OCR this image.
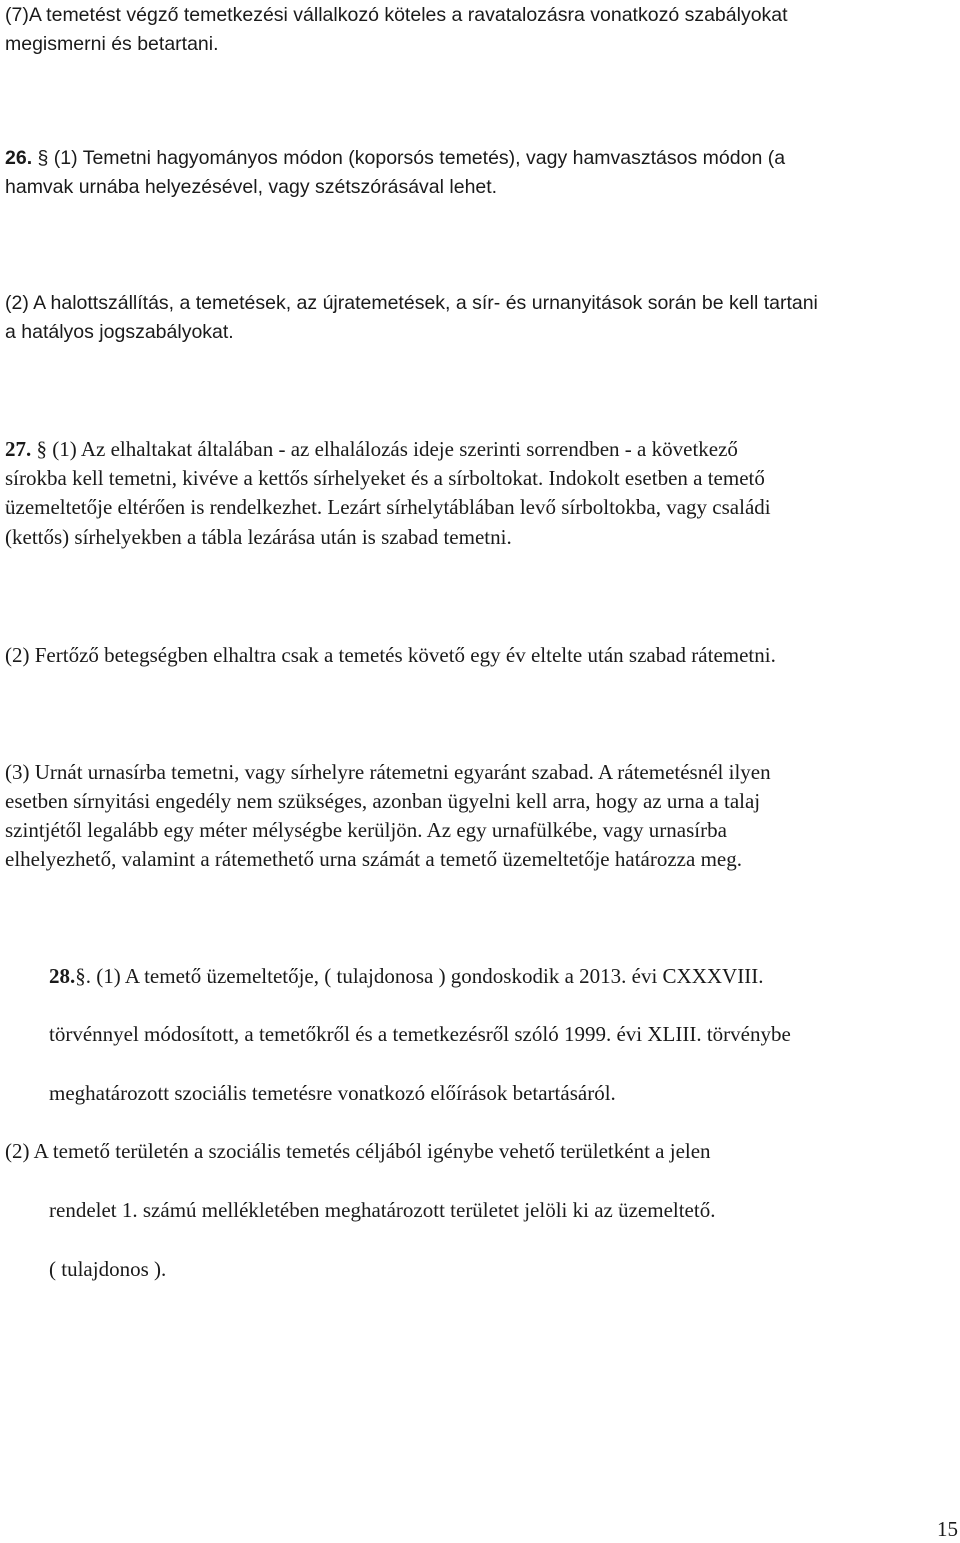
(7)A temetést végző temetkezési vállalkozó köteles a ravatalozásra vonatkozó szabályokat
megismerni és betartani.
26. § (1) Temetni hagyományos módon (koporsós temetés), vagy hamvasztásos módon (a
hamvak urnába helyezésével, vagy szétszórásával lehet.
(2) A halottszállítás, a temetések, az újratemetések, a sír- és urnanyitások során be kell tartani
a hatályos jogszabályokat.
27. § (1) Az elhaltakat általában - az elhalálozás ideje szerinti sorrendben - a következő
sírokba kell temetni, kivéve a kettős sírhelyeket és a sírboltokat. Indokolt esetben a temető
üzemeltetője eltérően is rendelkezhet. Lezárt sírhelytáblában levő sírboltokba, vagy családi
(kettős) sírhelyekben a tábla lezárása után is szabad temetni.
(2) Fertőző betegségben elhaltra csak a temetés követő egy év eltelte után szabad rátemetni.
(3) Urnát urnasírba temetni, vagy sírhelyre rátemetni egyaránt szabad. A rátemetésnél ilyen
esetben sírnyitási engedély nem szükséges, azonban ügyelni kell arra, hogy az urna a talaj
szintjétől legalább egy méter mélységbe kerüljön. Az egy urnafülkébe, vagy urnasírba
elhelyezhető, valamint a rátemethető urna számát a temető üzemeltetője határozza meg.
28.§. (1) A temető üzemeltetője, ( tulajdonosa ) gondoskodik a 2013. évi CXXXVIII.
törvénnyel módosított, a temetőkről és a temetkezésről szóló 1999. évi XLIII. törvénybe
meghatározott szociális temetésre vonatkozó előírások betartásáról.
(2) A temető területén a szociális temetés céljából igénybe vehető területként a jelen
rendelet 1. számú mellékletében meghatározott területet jelöli ki az üzemeltető.
( tulajdonos ).
15
